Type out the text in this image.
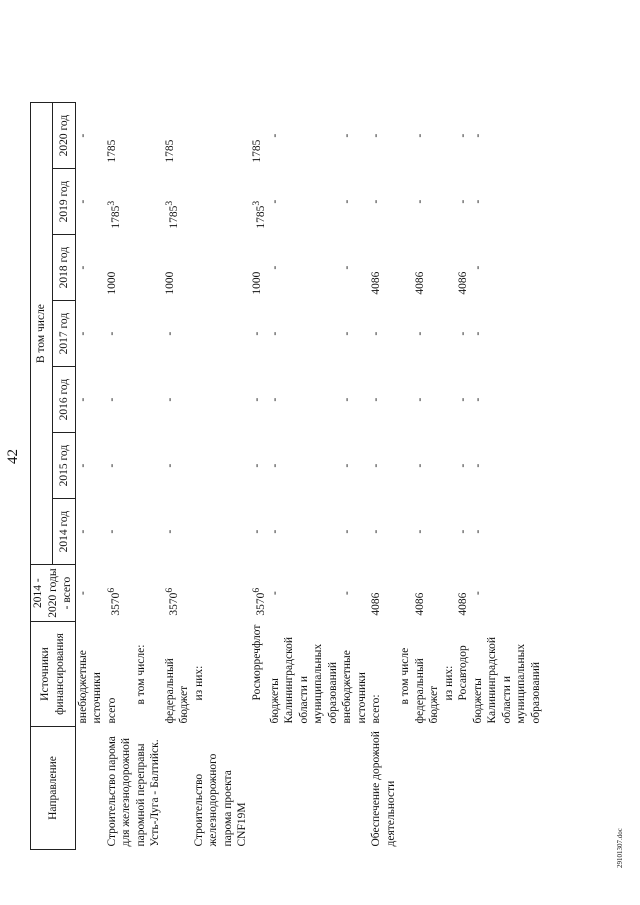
42
Направление	Источники финансирования	2014 - 2020 годы - всего	В том числе						
			2014 год	2015 год	2016 год	2017 год	2018 год	2019 год	2020 год
	внебюджетные источники	-	-	-	-	-	-	-	-
Строительство парома для железнодорожной	всего	3570$^6$	-	-	-	-	1000	1785$^3$	1785
паромной переправы Усть-Луга - Балтийск.	в том числе:								
	федеральный бюджет	3570$^6$	-	-	-	-	1000	1785$^3$	1785
Строительство железнодорожного парома проекта CNF19M	из них:								
	Росморречфлот	3570$^6$	-	-	-	-	1000	1785$^3$	1785
	бюджеты Калининградской области и муниципальных образований	-	-	-	-	-	-	-	-
	внебюджетные источники	-	-	-	-	-	-	-	-
Обеспечение дорожной деятельности	всего:	4086	-	-	-	-	4086	-	-
	в том числе								
	федеральный бюджет	4086	-	-	-	-	4086	-	-
	из них:								
	Росавтодор	4086	-	-	-	-	4086	-	-
	бюджеты Калининградской области и муниципальных образований	-	-	-	-	-	-	-	-
29101307.doc
